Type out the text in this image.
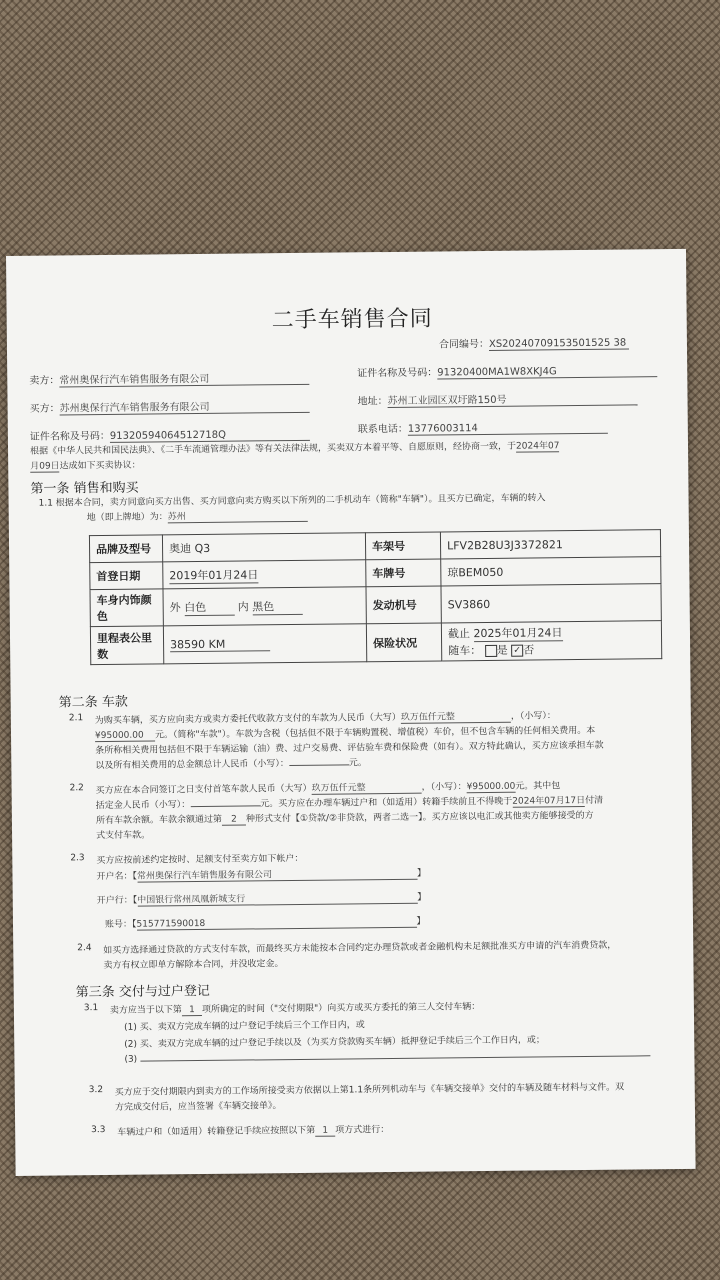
二手车销售合同
合同编号：XS20240709153501525 38
卖方：常州奥保行汽车销售服务有限公司
证件名称及号码：91320400MA1W8XKJ4G
买方：苏州奥保行汽车销售服务有限公司
地址：苏州工业园区双圩路150号
证件名称及号码：91320594064512718Q
联系电话：13776003114
根据《中华人民共和国民法典》、《二手车流通管理办法》等有关法律法规，买卖双方本着平等、自愿原则，经协商一致，于2024年07
月09日达成如下买卖协议：
第一条 销售和购买
1.1 根据本合同，卖方同意向买方出售、买方同意向卖方购买以下所列的二手机动车（简称"车辆"）。且买方已确定，车辆的转入
地（即上牌地）为：苏州
品牌及型号	奥迪 Q3	车架号	LFV2B28U3J3372821
首登日期	2019年01月24日	车牌号	琼BEM050
车身内饰颜色	外 白色 内 黑色	发动机号	SV3860
里程表公里数	38590 KM	保险状况	截止 2025年01月24日
随车： 是 ✓ 否
第二条 车款
2.1 为购买车辆，买方应向卖方或卖方委托代收款方支付的车款为人民币（大写）玖万伍仟元整	，（小写）：
¥95000.00 元。（简称"车款"）。车款为含税（包括但不限于车辆购置税、增值税）车价，但不包含车辆的任何相关费用。本
条所称相关费用包括但不限于车辆运输（油）费、过户交易费、评估验车费和保险费（如有）。双方特此确认，买方应该承担车款
以及所有相关费用的总金额总计人民币（小写）：	元。
2.2 买方应在本合同签订之日支付首笔车款人民币（大写）玖万伍仟元整	，（小写）：¥95000.00元。其中包
括定金人民币（小写）：	元。买方应在办理车辆过户和（如适用）转籍手续前且不得晚于2024年07月17日付清
所有车款余额。车款余额通过第 2 种形式支付【①贷款/②非贷款，两者二选一】。买方应该以电汇或其他卖方能够接受的方
式支付车款。
2.3 买方应按前述约定按时、足额支付至卖方如下帐户：
开户名：【常州奥保行汽车销售服务有限公司	】
开户行：【中国银行常州凤凰新城支行	】
账号：【515771590018	】
2.4 如买方选择通过贷款的方式支付车款，而最终买方未能按本合同约定办理贷款或者金融机构未足额批准买方申请的汽车消费贷款，
卖方有权立即单方解除本合同，并没收定金。
第三条 交付与过户登记
3.1 卖方应当于以下第 1 项所确定的时间（"交付期限"）向买方或买方委托的第三人交付车辆：
(1) 买、卖双方完成车辆的过户登记手续后三个工作日内，或
(2) 买、卖双方完成车辆的过户登记手续以及（为买方贷款购买车辆）抵押登记手续后三个工作日内，或；
(3)
3.2 买方应于交付期限内到卖方的工作场所接受卖方依据以上第1.1条所列机动车与《车辆交接单》交付的车辆及随车材料与文件。双
方完成交付后，应当签署《车辆交接单》。
3.3 车辆过户和（如适用）转籍登记手续应按照以下第 1 项方式进行：
